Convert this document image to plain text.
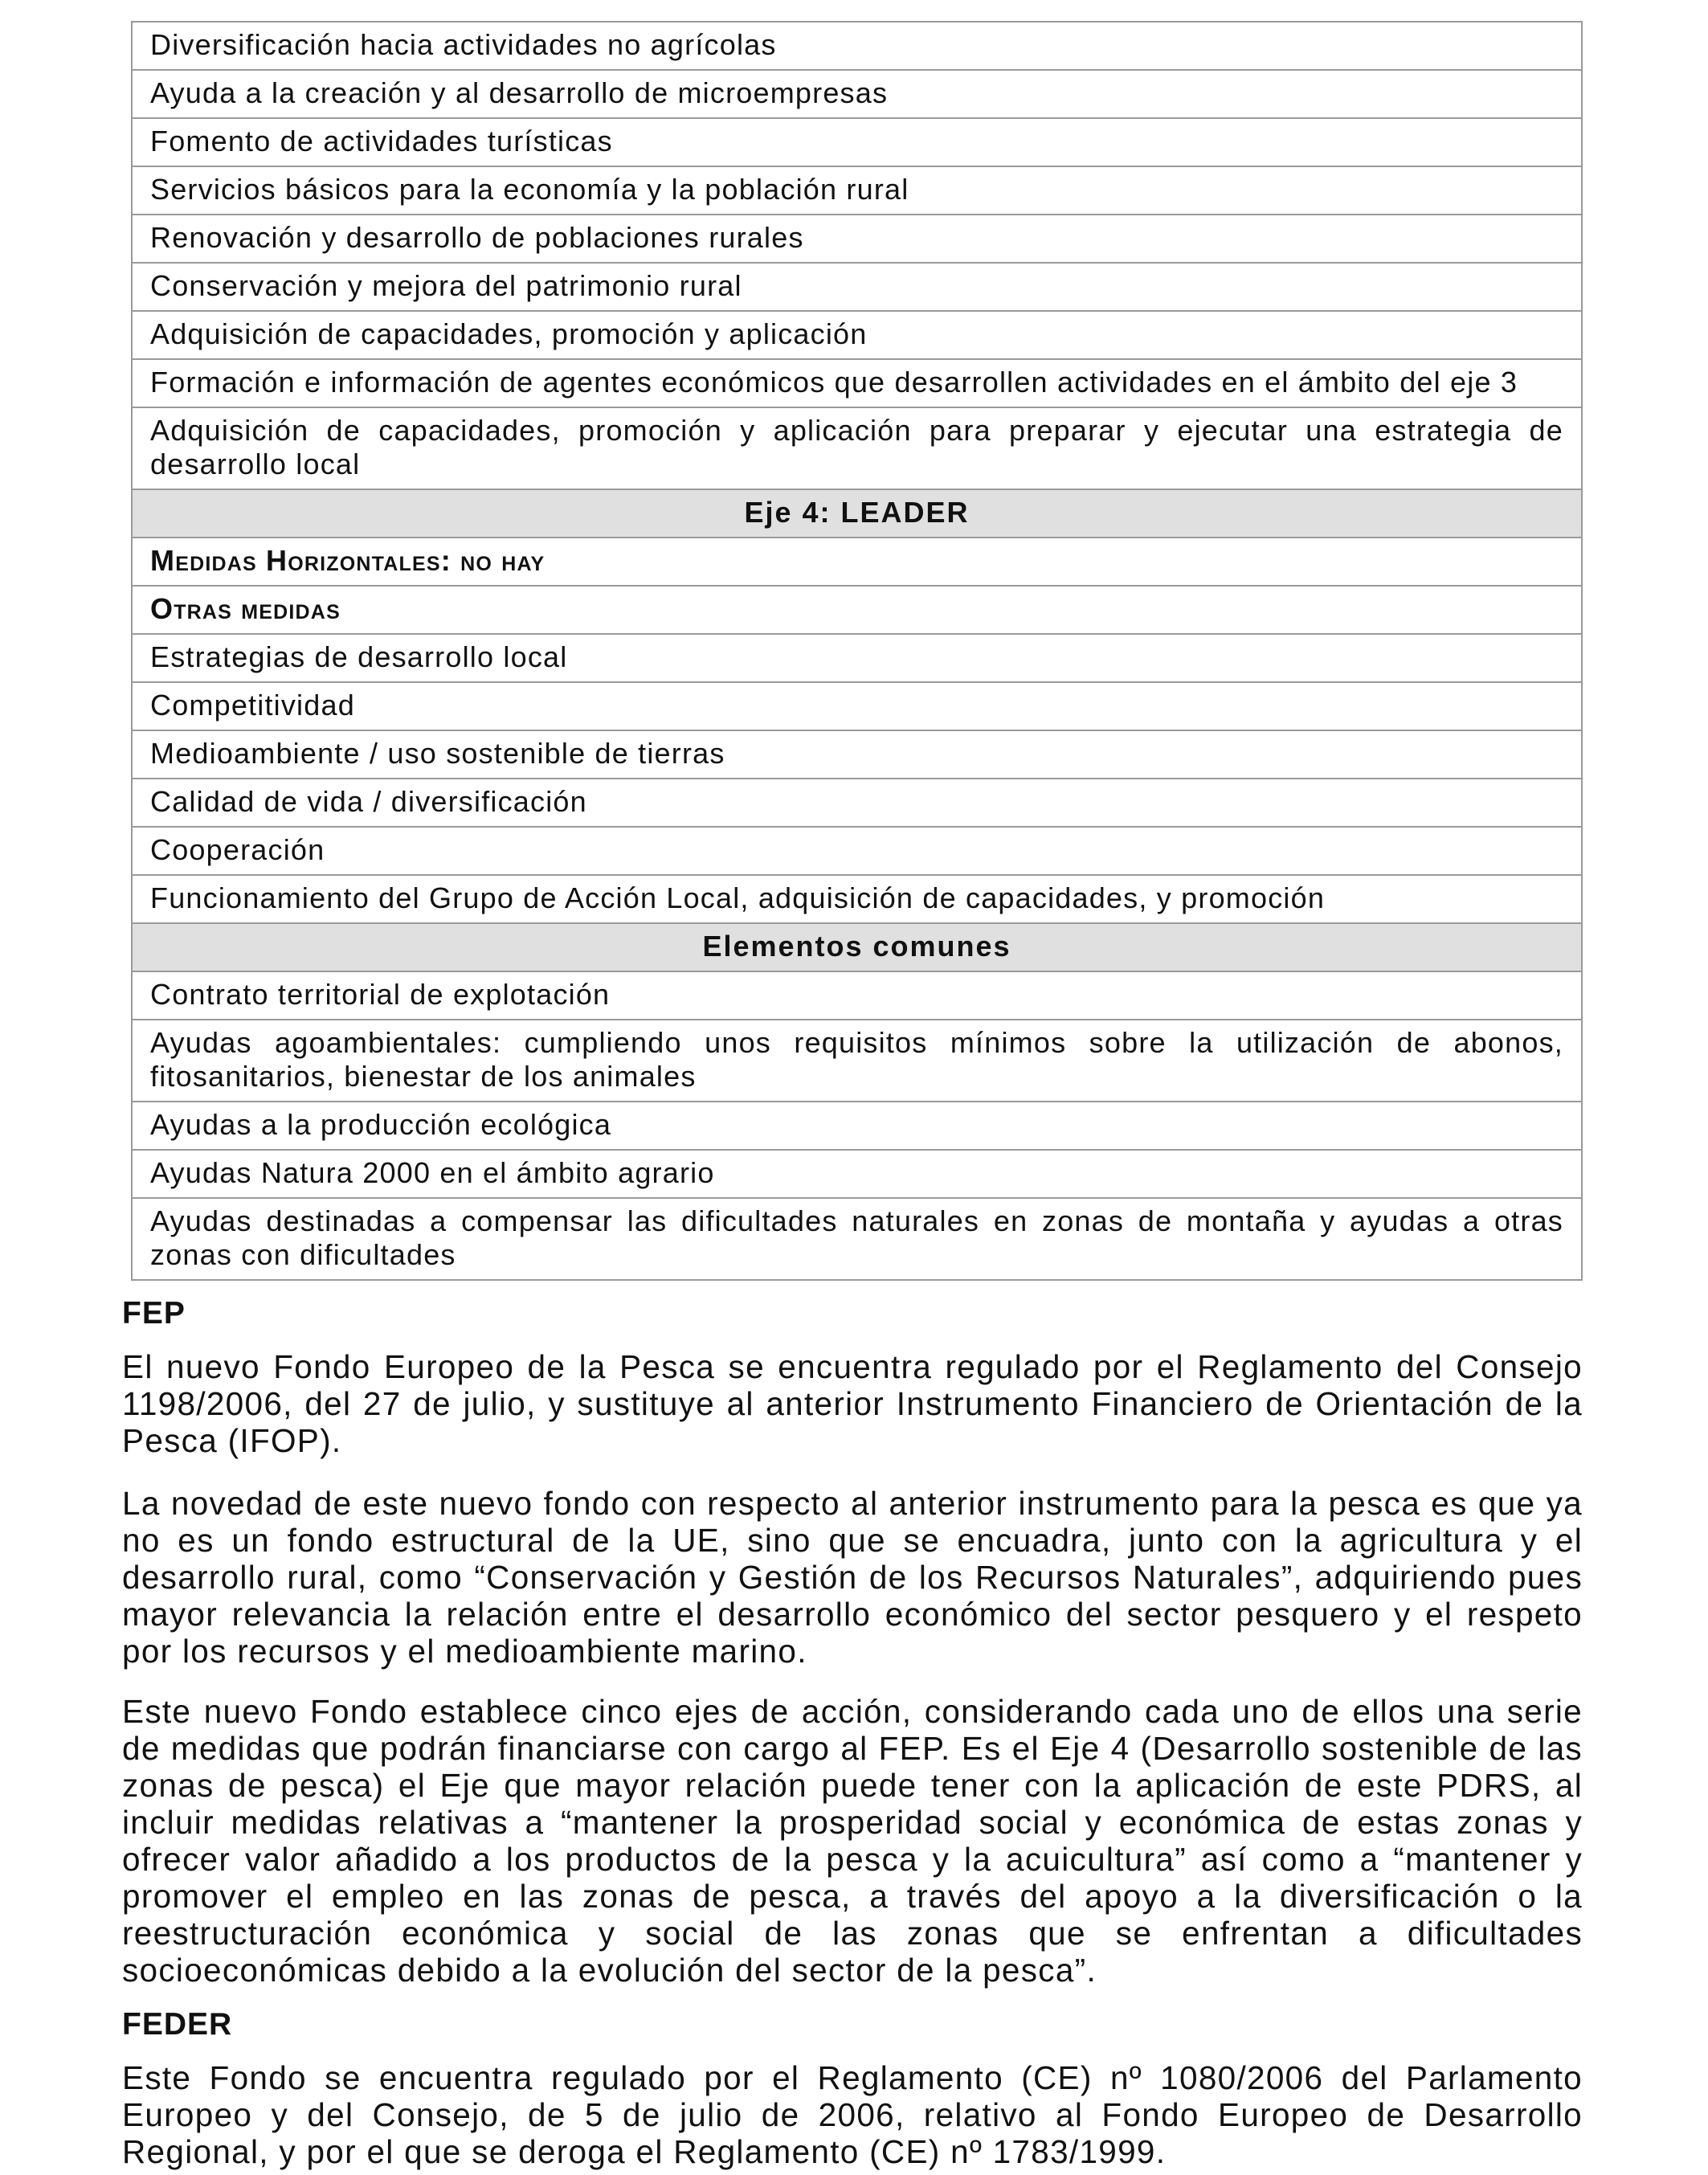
Diversificación hacia actividades no agrícolas
Ayuda a la creación y al desarrollo de microempresas
Fomento de actividades turísticas
Servicios básicos para la economía y la población rural
Renovación y desarrollo de poblaciones rurales
Conservación y mejora del patrimonio rural
Adquisición de capacidades, promoción y aplicación
Formación e información de agentes económicos que desarrollen actividades en el ámbito del eje 3
Adquisición de capacidades, promoción y aplicación para preparar y ejecutar una estrategia de desarrollo local
Eje 4: LEADER
Medidas Horizontales: no hay
Otras medidas
Estrategias de desarrollo local
Competitividad
Medioambiente / uso sostenible de tierras
Calidad de vida / diversificación
Cooperación
Funcionamiento del Grupo de Acción Local, adquisición de capacidades, y promoción
Elementos comunes
Contrato territorial de explotación
Ayudas agoambientales: cumpliendo unos requisitos mínimos sobre la utilización de abonos, fitosanitarios, bienestar de los animales
Ayudas a la producción ecológica
Ayudas Natura 2000 en el ámbito agrario
Ayudas destinadas a compensar las dificultades naturales en zonas de montaña y ayudas a otras zonas con dificultades
FEP

El nuevo Fondo Europeo de la Pesca se encuentra regulado por el Reglamento del Consejo 1198/2006, del 27 de julio, y sustituye al anterior Instrumento Financiero de Orientación de la Pesca (IFOP).

La novedad de este nuevo fondo con respecto al anterior instrumento para la pesca es que ya no es un fondo estructural de la UE, sino que se encuadra, junto con la agricultura y el desarrollo rural, como “Conservación y Gestión de los Recursos Naturales”, adquiriendo pues mayor relevancia la relación entre el desarrollo económico del sector pesquero y el respeto por los recursos y el medioambiente marino.

Este nuevo Fondo establece cinco ejes de acción, considerando cada uno de ellos una serie de medidas que podrán financiarse con cargo al FEP. Es el Eje 4 (Desarrollo sostenible de las zonas de pesca) el Eje que mayor relación puede tener con la aplicación de este PDRS, al incluir medidas relativas a “mantener la prosperidad social y económica de estas zonas y ofrecer valor añadido a los productos de la pesca y la acuicultura” así como a “mantener y promover el empleo en las zonas de pesca, a través del apoyo a la diversificación o la reestructuración económica y social de las zonas que se enfrentan a dificultades socioeconómicas debido a la evolución del sector de la pesca”.

FEDER

Este Fondo se encuentra regulado por el Reglamento (CE) nº 1080/2006 del Parlamento Europeo y del Consejo, de 5 de julio de 2006, relativo al Fondo Europeo de Desarrollo Regional, y por el que se deroga el Reglamento (CE) nº 1783/1999.
